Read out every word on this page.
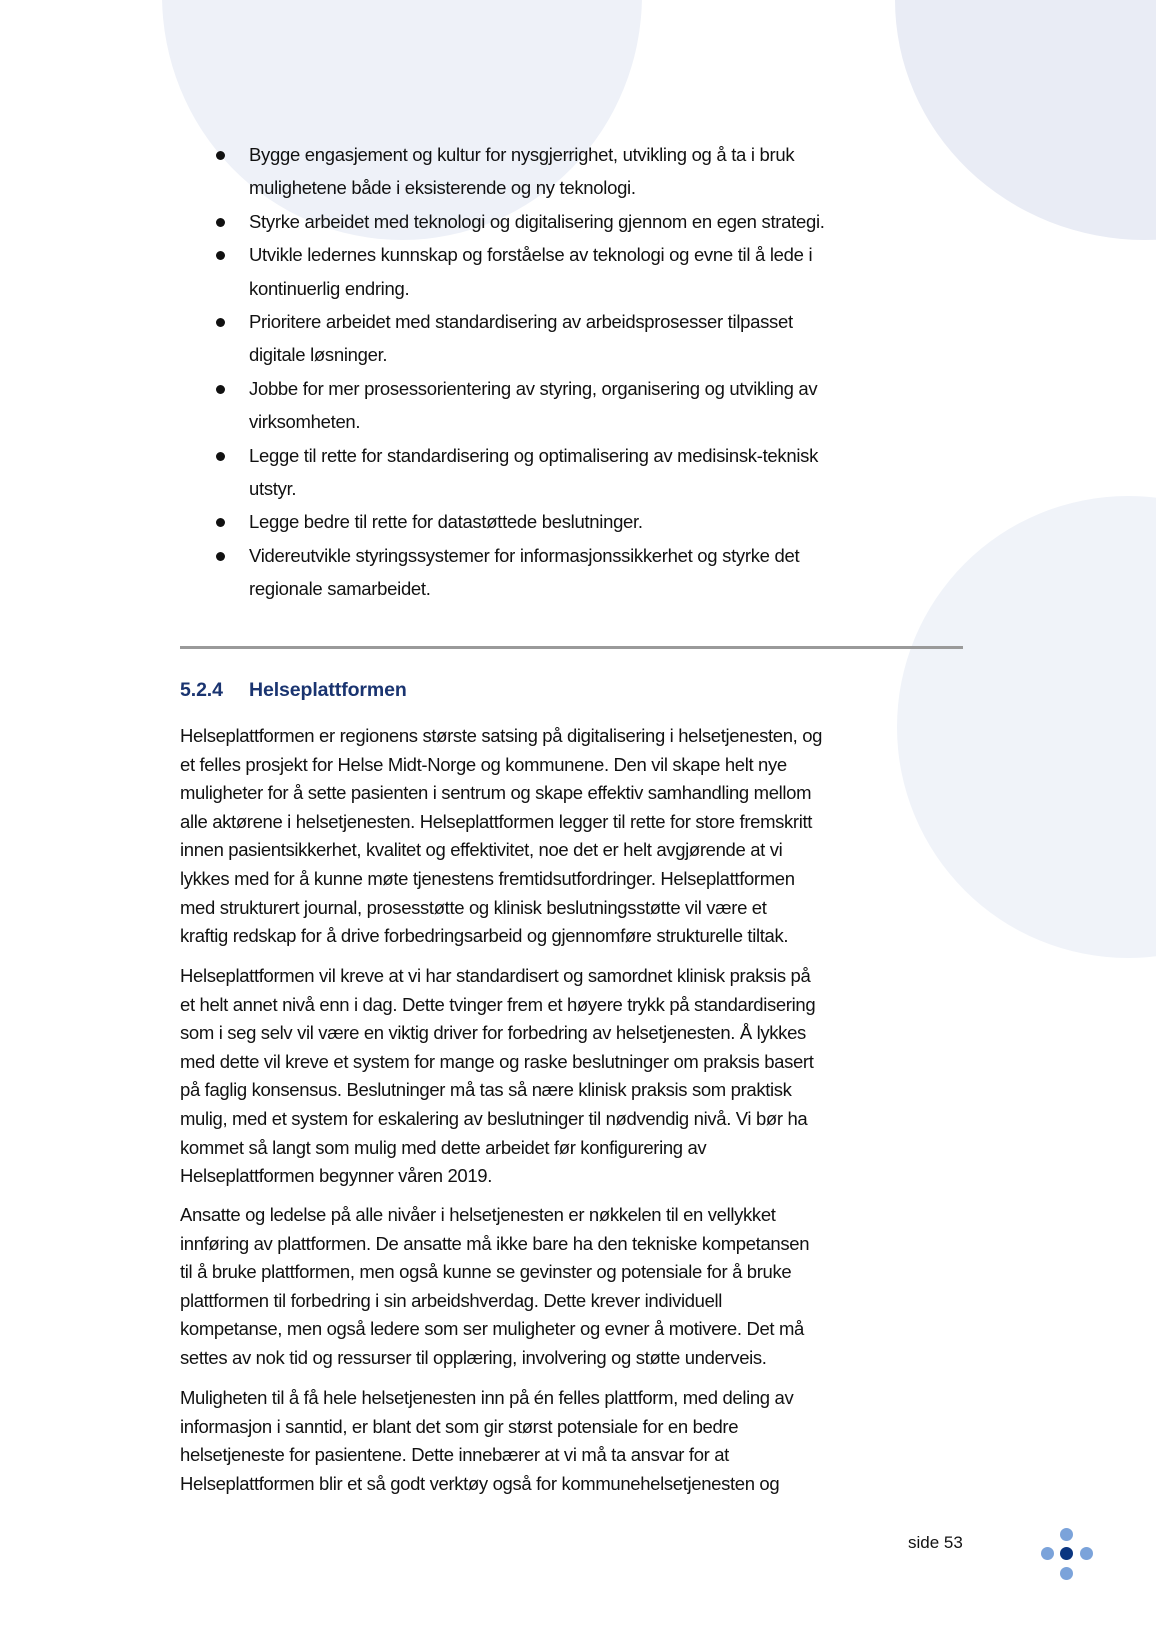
Bygge engasjement og kultur for nysgjerrighet, utvikling og å ta i bruk
mulighetene både i eksisterende og ny teknologi.
Styrke arbeidet med teknologi og digitalisering gjennom en egen strategi.
Utvikle ledernes kunnskap og forståelse av teknologi og evne til å lede i
kontinuerlig endring.
Prioritere arbeidet med standardisering av arbeidsprosesser tilpasset
digitale løsninger.
Jobbe for mer prosessorientering av styring, organisering og utvikling av
virksomheten.
Legge til rette for standardisering og optimalisering av medisinsk-teknisk
utstyr.
Legge bedre til rette for datastøttede beslutninger.
Videreutvikle styringssystemer for informasjonssikkerhet og styrke det
regionale samarbeidet.
5.2.4 Helseplattformen

Helseplattformen er regionens største satsing på digitalisering i helsetjenesten, og
et felles prosjekt for Helse Midt-Norge og kommunene. Den vil skape helt nye
muligheter for å sette pasienten i sentrum og skape effektiv samhandling mellom
alle aktørene i helsetjenesten. Helseplattformen legger til rette for store fremskritt
innen pasientsikkerhet, kvalitet og effektivitet, noe det er helt avgjørende at vi
lykkes med for å kunne møte tjenestens fremtidsutfordringer. Helseplattformen
med strukturert journal, prosesstøtte og klinisk beslutningsstøtte vil være et
kraftig redskap for å drive forbedringsarbeid og gjennomføre strukturelle tiltak.

Helseplattformen vil kreve at vi har standardisert og samordnet klinisk praksis på
et helt annet nivå enn i dag. Dette tvinger frem et høyere trykk på standardisering
som i seg selv vil være en viktig driver for forbedring av helsetjenesten. Å lykkes
med dette vil kreve et system for mange og raske beslutninger om praksis basert
på faglig konsensus. Beslutninger må tas så nære klinisk praksis som praktisk
mulig, med et system for eskalering av beslutninger til nødvendig nivå. Vi bør ha
kommet så langt som mulig med dette arbeidet før konfigurering av
Helseplattformen begynner våren 2019.

Ansatte og ledelse på alle nivåer i helsetjenesten er nøkkelen til en vellykket
innføring av plattformen. De ansatte må ikke bare ha den tekniske kompetansen
til å bruke plattformen, men også kunne se gevinster og potensiale for å bruke
plattformen til forbedring i sin arbeidshverdag. Dette krever individuell
kompetanse, men også ledere som ser muligheter og evner å motivere. Det må
settes av nok tid og ressurser til opplæring, involvering og støtte underveis.

Muligheten til å få hele helsetjenesten inn på én felles plattform, med deling av
informasjon i sanntid, er blant det som gir størst potensiale for en bedre
helsetjeneste for pasientene. Dette innebærer at vi må ta ansvar for at
Helseplattformen blir et så godt verktøy også for kommunehelsetjenesten og

side 53
